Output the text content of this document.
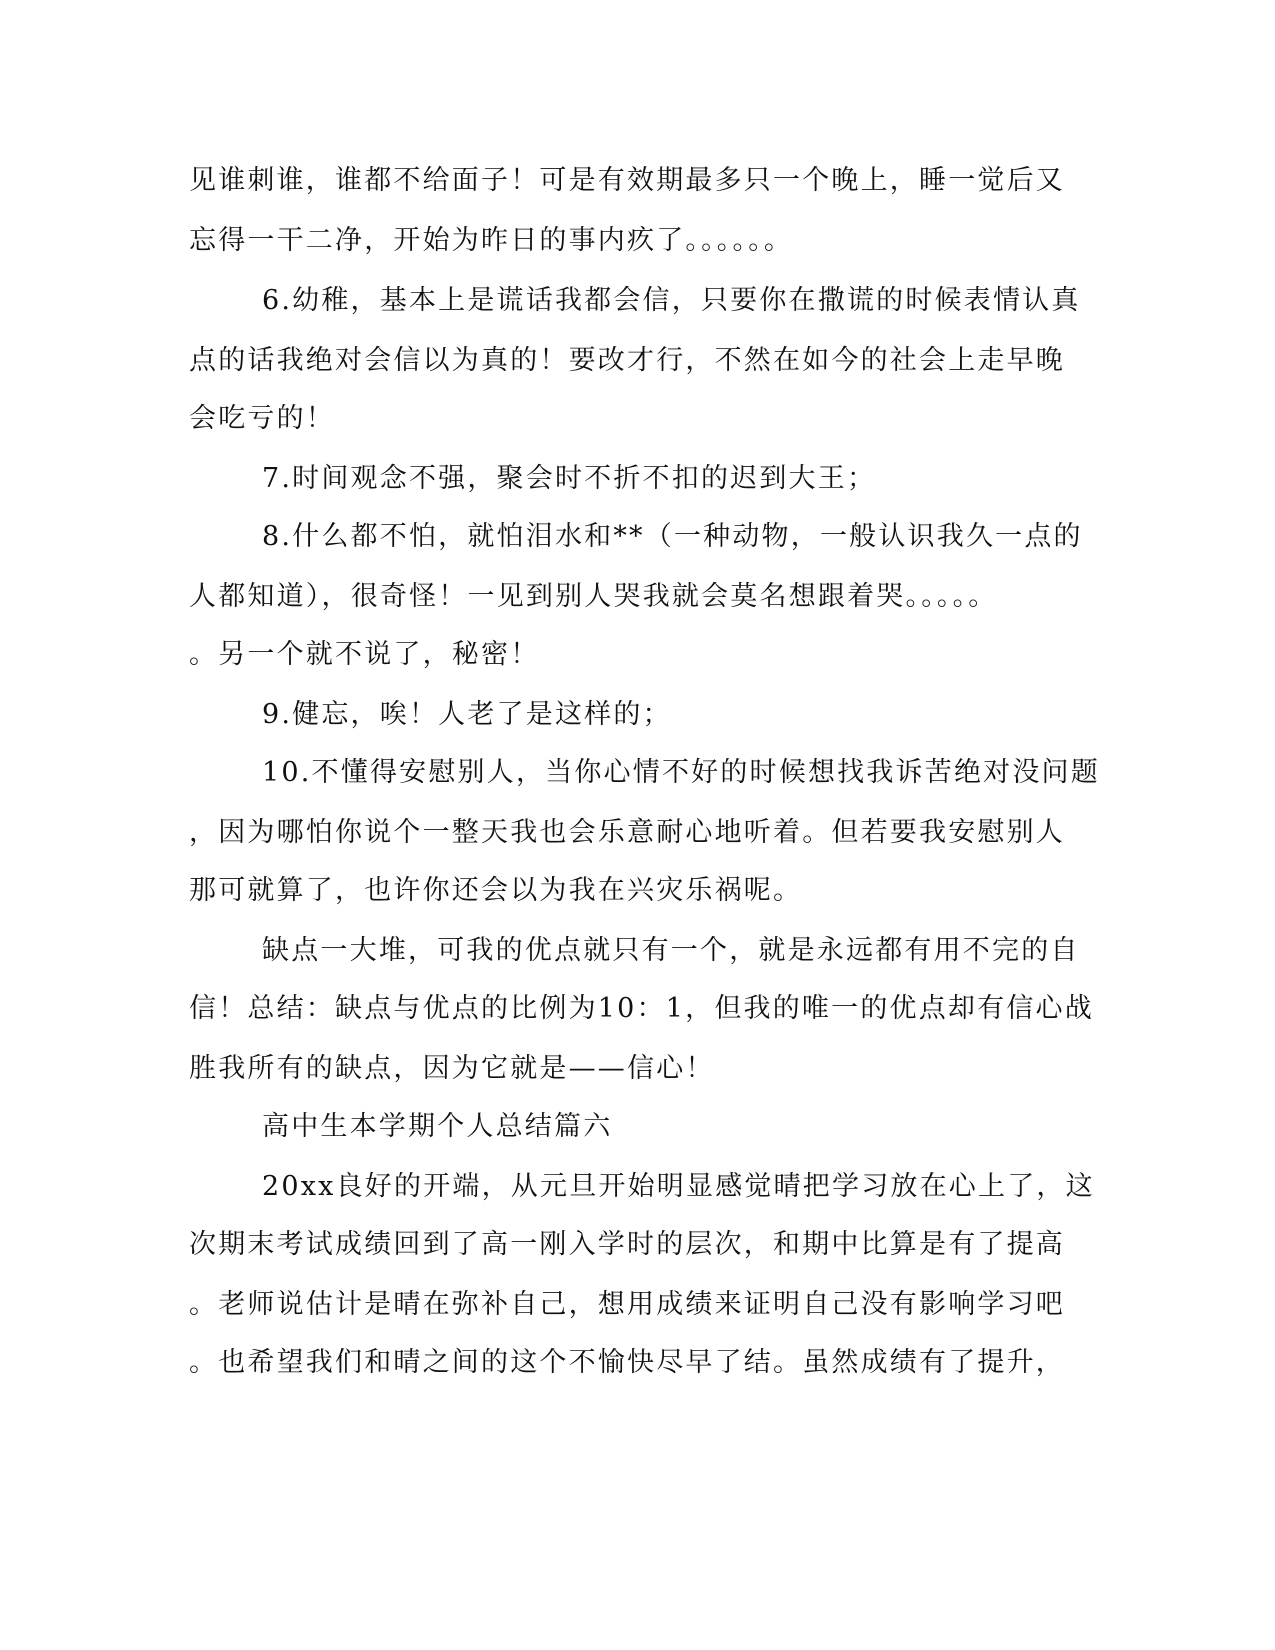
见谁刺谁，谁都不给面子！可是有效期最多只一个晚上，睡一觉后又
忘得一干二净，开始为昨日的事内疚了。。。。。。
6.幼稚，基本上是谎话我都会信，只要你在撒谎的时候表情认真
点的话我绝对会信以为真的！要改才行，不然在如今的社会上走早晚
会吃亏的！
7.时间观念不强，聚会时不折不扣的迟到大王；
8.什么都不怕，就怕泪水和**（一种动物，一般认识我久一点的
人都知道），很奇怪！一见到别人哭我就会莫名想跟着哭。。。。。
。另一个就不说了，秘密！
9.健忘，唉！人老了是这样的；
10.不懂得安慰别人，当你心情不好的时候想找我诉苦绝对没问题
，因为哪怕你说个一整天我也会乐意耐心地听着。但若要我安慰别人
那可就算了，也许你还会以为我在兴灾乐祸呢。
缺点一大堆，可我的优点就只有一个，就是永远都有用不完的自
信！总结：缺点与优点的比例为10：1，但我的唯一的优点却有信心战
胜我所有的缺点，因为它就是——信心！
高中生本学期个人总结篇六
20xx良好的开端，从元旦开始明显感觉晴把学习放在心上了，这
次期末考试成绩回到了高一刚入学时的层次，和期中比算是有了提高
。老师说估计是晴在弥补自己，想用成绩来证明自己没有影响学习吧
。也希望我们和晴之间的这个不愉快尽早了结。虽然成绩有了提升，
